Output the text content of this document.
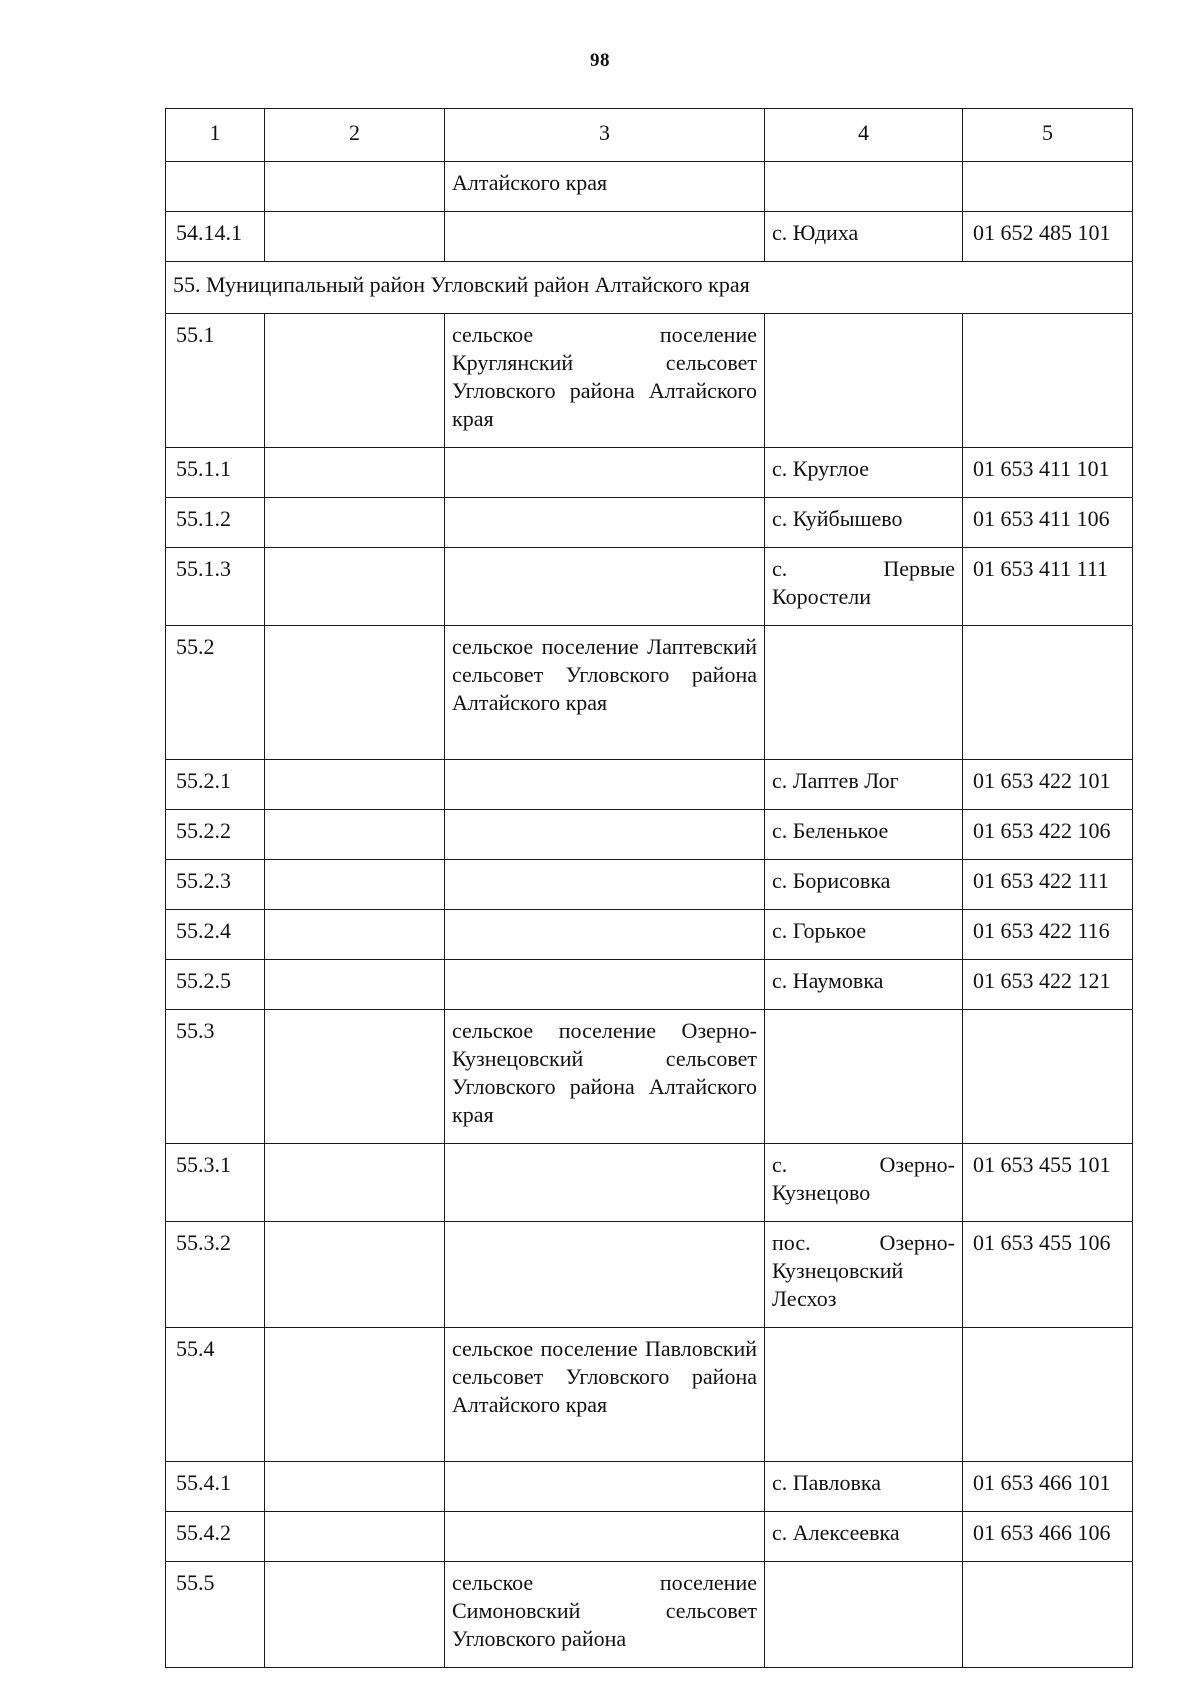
98
1	2	3	4	5
		Алтайского края		
54.14.1			с. Юдиха	01 652 485 101
55. Муниципальный район Угловский район Алтайского края				
55.1		сельское поселение Круглянский сельсовет Угловского района Алтайского края		
55.1.1			с. Круглое	01 653 411 101
55.1.2			с. Куйбышево	01 653 411 106
55.1.3			с. Первые Коростели	01 653 411 111
55.2		сельское поселение Лаптевский сельсовет Угловского района Алтайского края		
55.2.1			с. Лаптев Лог	01 653 422 101
55.2.2			с. Беленькое	01 653 422 106
55.2.3			с. Борисовка	01 653 422 111
55.2.4			с. Горькое	01 653 422 116
55.2.5			с. Наумовка	01 653 422 121
55.3		сельское поселение Озерно-Кузнецовский сельсовет Угловского района Алтайского края		
55.3.1			с. Озерно-Кузнецово	01 653 455 101
55.3.2			пос. Озерно-Кузнецовский Лесхоз	01 653 455 106
55.4		сельское поселение Павловский сельсовет Угловского района Алтайского края		
55.4.1			с. Павловка	01 653 466 101
55.4.2			с. Алексеевка	01 653 466 106
55.5		сельское поселение Симоновский сельсовет Угловского района		
